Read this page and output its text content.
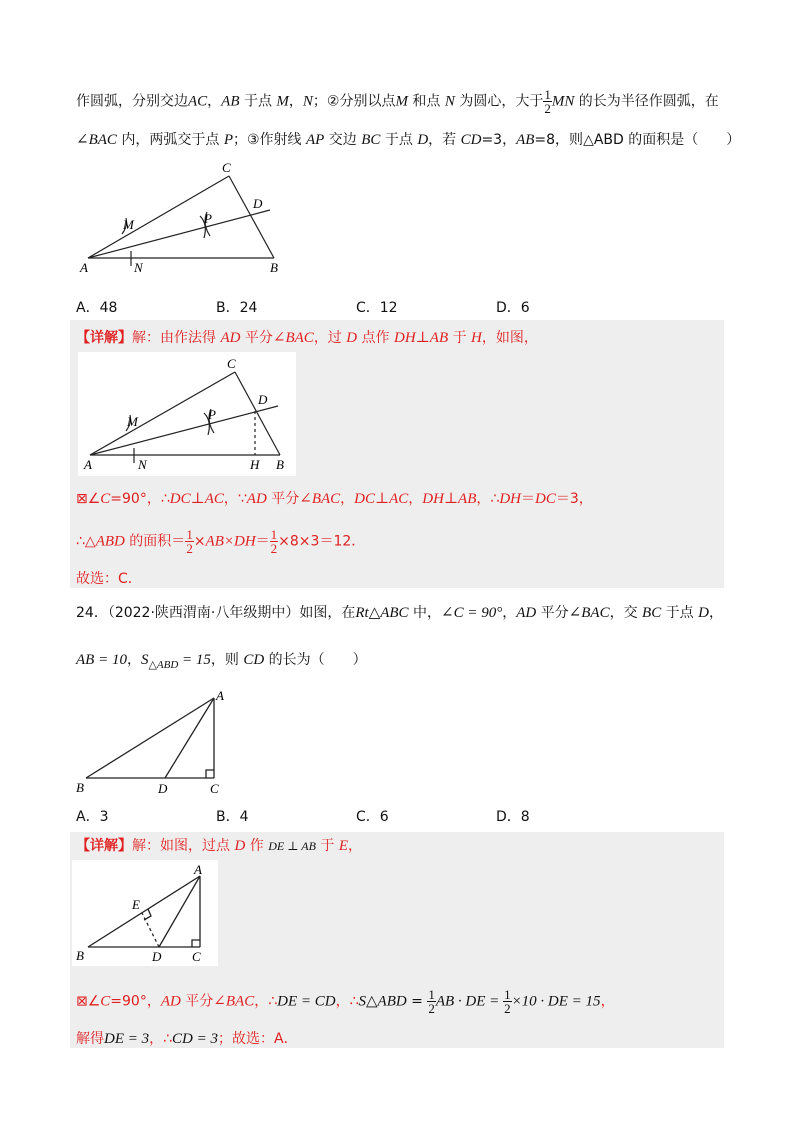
作圆弧，分别交边AC，AB 于点 M，N；②分别以点M 和点 N 为圆心，大于 $\frac{1}{2}$ MN 的长为半径作圆弧，在
∠BAC 内，两弧交于点 P；③作射线 AP 交边 BC 于点 D，若 CD=3，AB=8，则△ABD 的面积是（　　）
C
D
M	P
A	N	B
A．48	B．24	C．12	D．6
【详解】解：由作法得 AD 平分∠BAC，过 D 点作 DH⊥AB 于 H，如图，
C
D
M	P
A	N	H B
⊠∠C=90°，∴DC⊥AC，∵AD 平分∠BAC，DC⊥AC，DH⊥AB，∴DH＝DC＝3，
∴△ABD 的面积＝ $\frac{1}{2} \times AB\times DH= \frac{1}{2} \times 8\times 3=12$．
故选：C．
24．（2022·陕西渭南·八年级期中）如图，在Rt△ABC 中，∠C = 90°，AD 平分∠BAC，交 BC 于点 D，
AB = 10，$S_{\triangle ABD} = 15$，则 CD 的长为（　　）
A
B	D	C
A．3	B．4	C．6	D．8
【详解】解：如图，过点 D 作 DE ⊥ AB 于 E，
A
E
B	D C
⊠∠C=90°，AD 平分∠BAC，∴DE = CD，∴S△ABD = $\frac{1}{2}$ AB · DE = $\frac{1}{2} \times 10$ · DE = 15，
解得DE = 3，∴CD = 3；故选：A．
